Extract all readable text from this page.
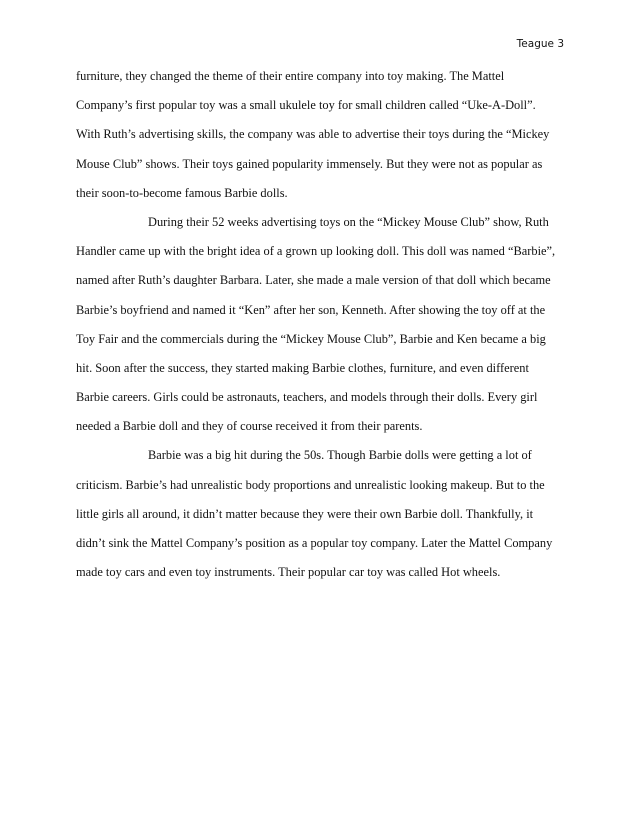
Teague 3
furniture, they changed the theme of their entire company into toy making. The Mattel
Company’s first popular toy was a small ukulele toy for small children called “Uke-A-Doll”.
With Ruth’s advertising skills, the company was able to advertise their toys during the “Mickey
Mouse Club” shows. Their toys gained popularity immensely. But they were not as popular as
their soon-to-become famous Barbie dolls.
During their 52 weeks advertising toys on the “Mickey Mouse Club” show, Ruth
Handler came up with the bright idea of a grown up looking doll. This doll was named “Barbie”,
named after Ruth’s daughter Barbara. Later, she made a male version of that doll which became
Barbie’s boyfriend and named it “Ken” after her son, Kenneth. After showing the toy off at the
Toy Fair and the commercials during the “Mickey Mouse Club”, Barbie and Ken became a big
hit. Soon after the success, they started making Barbie clothes, furniture, and even different
Barbie careers. Girls could be astronauts, teachers, and models through their dolls. Every girl
needed a Barbie doll and they of course received it from their parents.
Barbie was a big hit during the 50s. Though Barbie dolls were getting a lot of
criticism. Barbie’s had unrealistic body proportions and unrealistic looking makeup. But to the
little girls all around, it didn’t matter because they were their own Barbie doll. Thankfully, it
didn’t sink the Mattel Company’s position as a popular toy company. Later the Mattel Company
made toy cars and even toy instruments. Their popular car toy was called Hot wheels.
